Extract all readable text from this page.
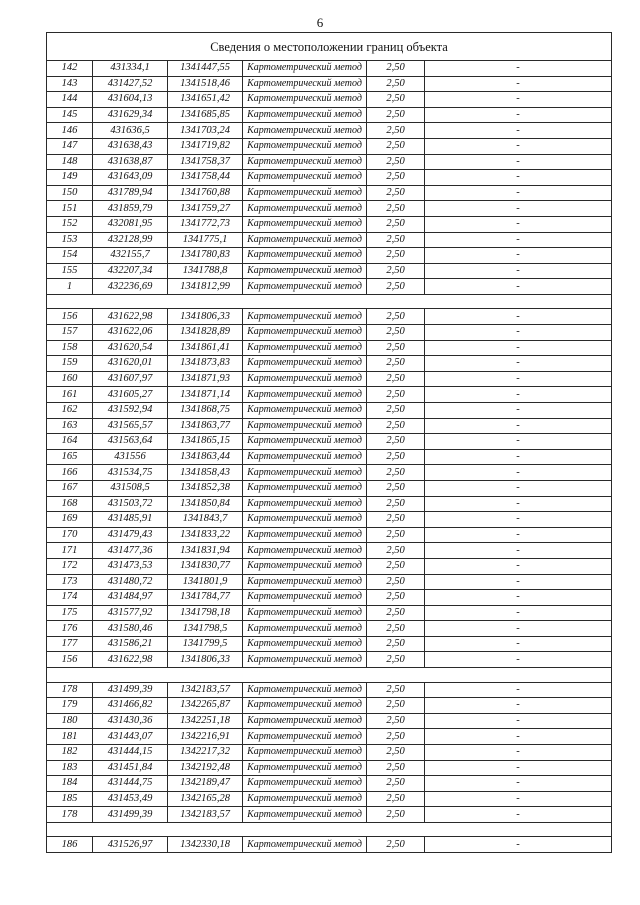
6
Сведения о местоположении границ объекта					
142	431334,1	1341447,55	Картометрический метод	2,50	-
143	431427,52	1341518,46	Картометрический метод	2,50	-
144	431604,13	1341651,42	Картометрический метод	2,50	-
145	431629,34	1341685,85	Картометрический метод	2,50	-
146	431636,5	1341703,24	Картометрический метод	2,50	-
147	431638,43	1341719,82	Картометрический метод	2,50	-
148	431638,87	1341758,37	Картометрический метод	2,50	-
149	431643,09	1341758,44	Картометрический метод	2,50	-
150	431789,94	1341760,88	Картометрический метод	2,50	-
151	431859,79	1341759,27	Картометрический метод	2,50	-
152	432081,95	1341772,73	Картометрический метод	2,50	-
153	432128,99	1341775,1	Картометрический метод	2,50	-
154	432155,7	1341780,83	Картометрический метод	2,50	-
155	432207,34	1341788,8	Картометрический метод	2,50	-
1	432236,69	1341812,99	Картометрический метод	2,50	-

156	431622,98	1341806,33	Картометрический метод	2,50	-
157	431622,06	1341828,89	Картометрический метод	2,50	-
158	431620,54	1341861,41	Картометрический метод	2,50	-
159	431620,01	1341873,83	Картометрический метод	2,50	-
160	431607,97	1341871,93	Картометрический метод	2,50	-
161	431605,27	1341871,14	Картометрический метод	2,50	-
162	431592,94	1341868,75	Картометрический метод	2,50	-
163	431565,57	1341863,77	Картометрический метод	2,50	-
164	431563,64	1341865,15	Картометрический метод	2,50	-
165	431556	1341863,44	Картометрический метод	2,50	-
166	431534,75	1341858,43	Картометрический метод	2,50	-
167	431508,5	1341852,38	Картометрический метод	2,50	-
168	431503,72	1341850,84	Картометрический метод	2,50	-
169	431485,91	1341843,7	Картометрический метод	2,50	-
170	431479,43	1341833,22	Картометрический метод	2,50	-
171	431477,36	1341831,94	Картометрический метод	2,50	-
172	431473,53	1341830,77	Картометрический метод	2,50	-
173	431480,72	1341801,9	Картометрический метод	2,50	-
174	431484,97	1341784,77	Картометрический метод	2,50	-
175	431577,92	1341798,18	Картометрический метод	2,50	-
176	431580,46	1341798,5	Картометрический метод	2,50	-
177	431586,21	1341799,5	Картометрический метод	2,50	-
156	431622,98	1341806,33	Картометрический метод	2,50	-

178	431499,39	1342183,57	Картометрический метод	2,50	-
179	431466,82	1342265,87	Картометрический метод	2,50	-
180	431430,36	1342251,18	Картометрический метод	2,50	-
181	431443,07	1342216,91	Картометрический метод	2,50	-
182	431444,15	1342217,32	Картометрический метод	2,50	-
183	431451,84	1342192,48	Картометрический метод	2,50	-
184	431444,75	1342189,47	Картометрический метод	2,50	-
185	431453,49	1342165,28	Картометрический метод	2,50	-
178	431499,39	1342183,57	Картометрический метод	2,50	-

186	431526,97	1342330,18	Картометрический метод	2,50	-
